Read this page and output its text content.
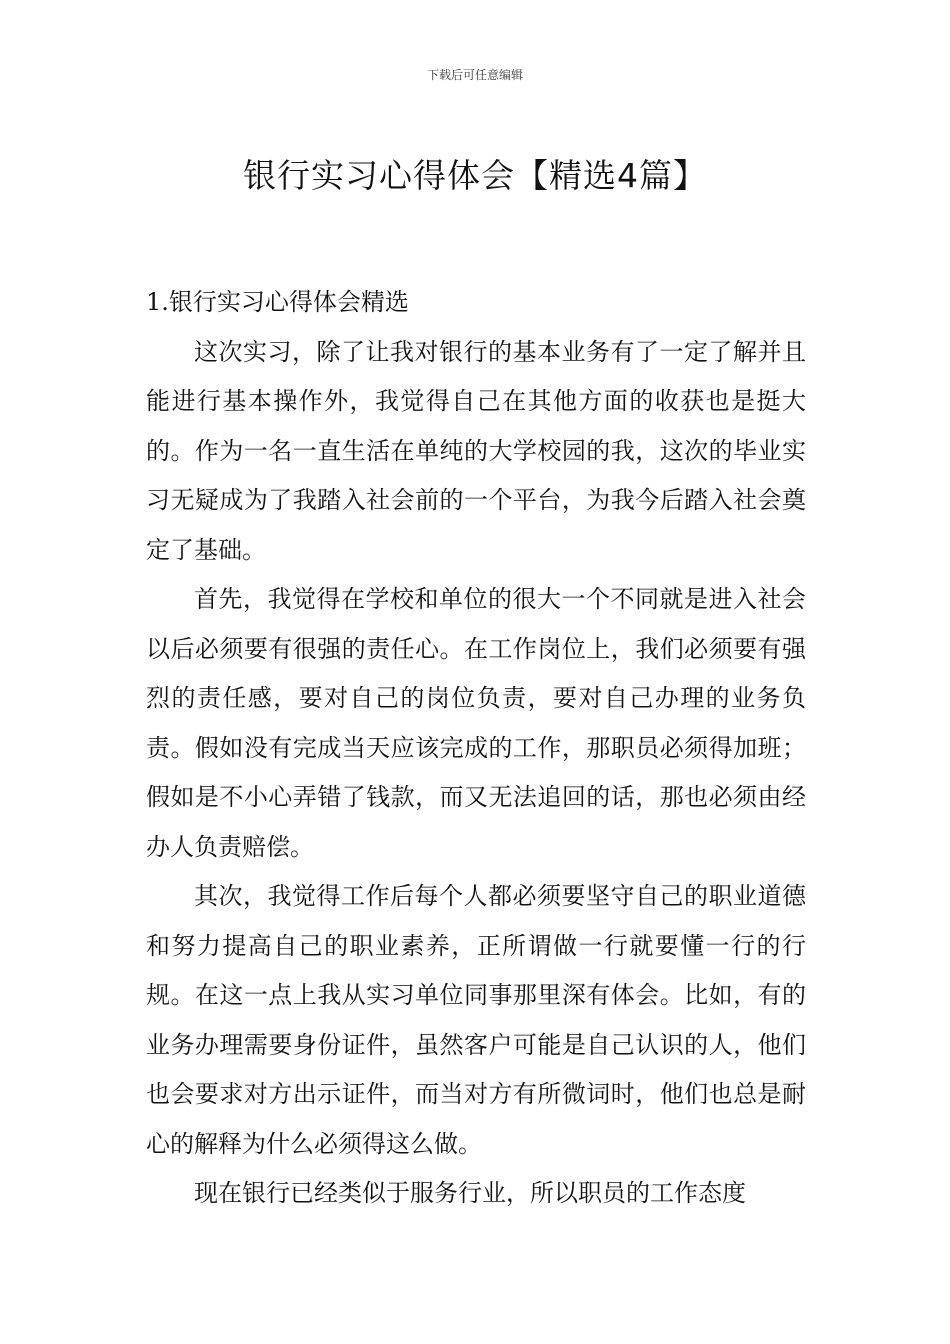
下载后可任意编辑
银行实习心得体会【精选4篇】

1.银行实习心得体会精选

这次实习，除了让我对银行的基本业务有了一定了解并且能进行基本操作外，我觉得自己在其他方面的收获也是挺大的。作为一名一直生活在单纯的大学校园的我，这次的毕业实习无疑成为了我踏入社会前的一个平台，为我今后踏入社会奠定了基础。

首先，我觉得在学校和单位的很大一个不同就是进入社会以后必须要有很强的责任心。在工作岗位上，我们必须要有强烈的责任感，要对自己的岗位负责，要对自己办理的业务负责。假如没有完成当天应该完成的工作，那职员必须得加班；假如是不小心弄错了钱款，而又无法追回的话，那也必须由经办人负责赔偿。

其次，我觉得工作后每个人都必须要坚守自己的职业道德和努力提高自己的职业素养，正所谓做一行就要懂一行的行规。在这一点上我从实习单位同事那里深有体会。比如，有的业务办理需要身份证件，虽然客户可能是自己认识的人，他们也会要求对方出示证件，而当对方有所微词时，他们也总是耐心的解释为什么必须得这么做。

现在银行已经类似于服务行业，所以职员的工作态度
